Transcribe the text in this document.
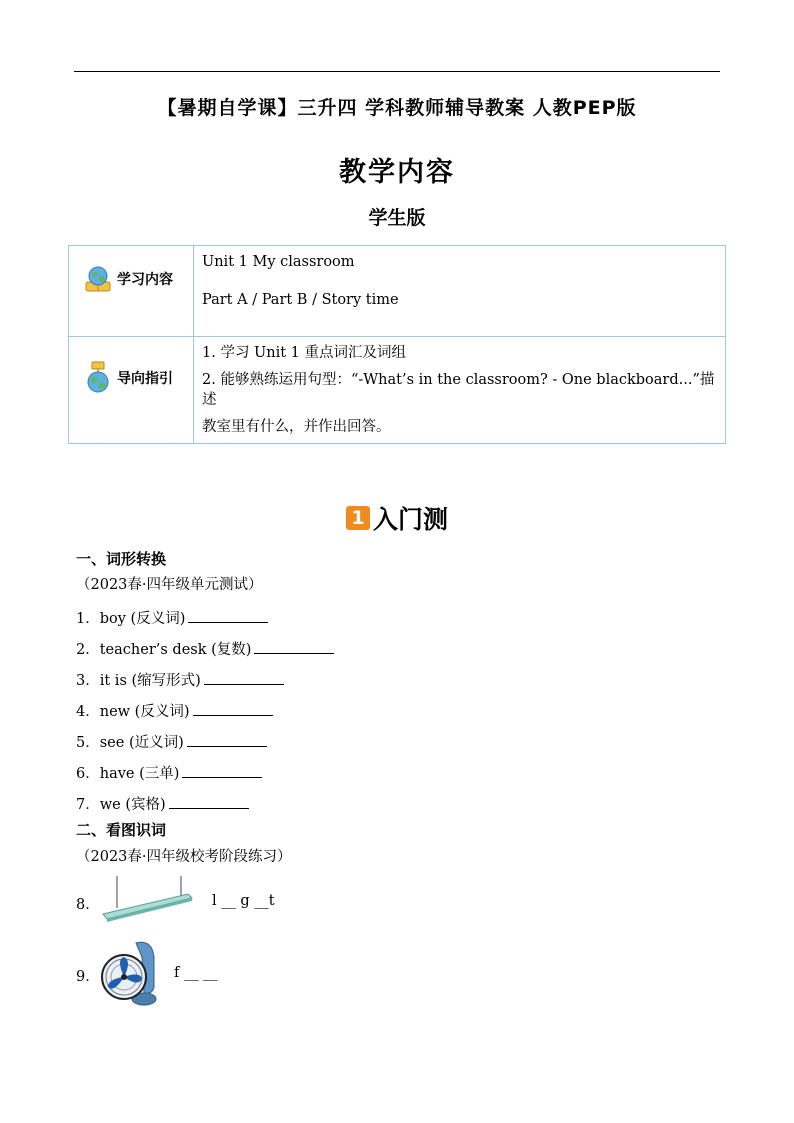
【暑期自学课】三升四 学科教师辅导教案 人教PEP版
教学内容
学生版
学习内容	Unit 1 My classroom

Part A / Part B / Story time

导向指引	1. 学习 Unit 1 重点词汇及词组

2. 能够熟练运用句型：“-What’s in the classroom? - One blackboard...”描述

教室里有什么，并作出回答。

1 入门测
一、词形转换
（2023春·四年级单元测试）
1．boy (反义词)
2．teacher’s desk (复数)
3．it is (缩写形式)
4．new (反义词)
5．see (近义词)
6．have (三单)
7．we (宾格)
二、看图识词
（2023春·四年级校考阶段练习）
8．	l __ g __t
9．	f __ __
